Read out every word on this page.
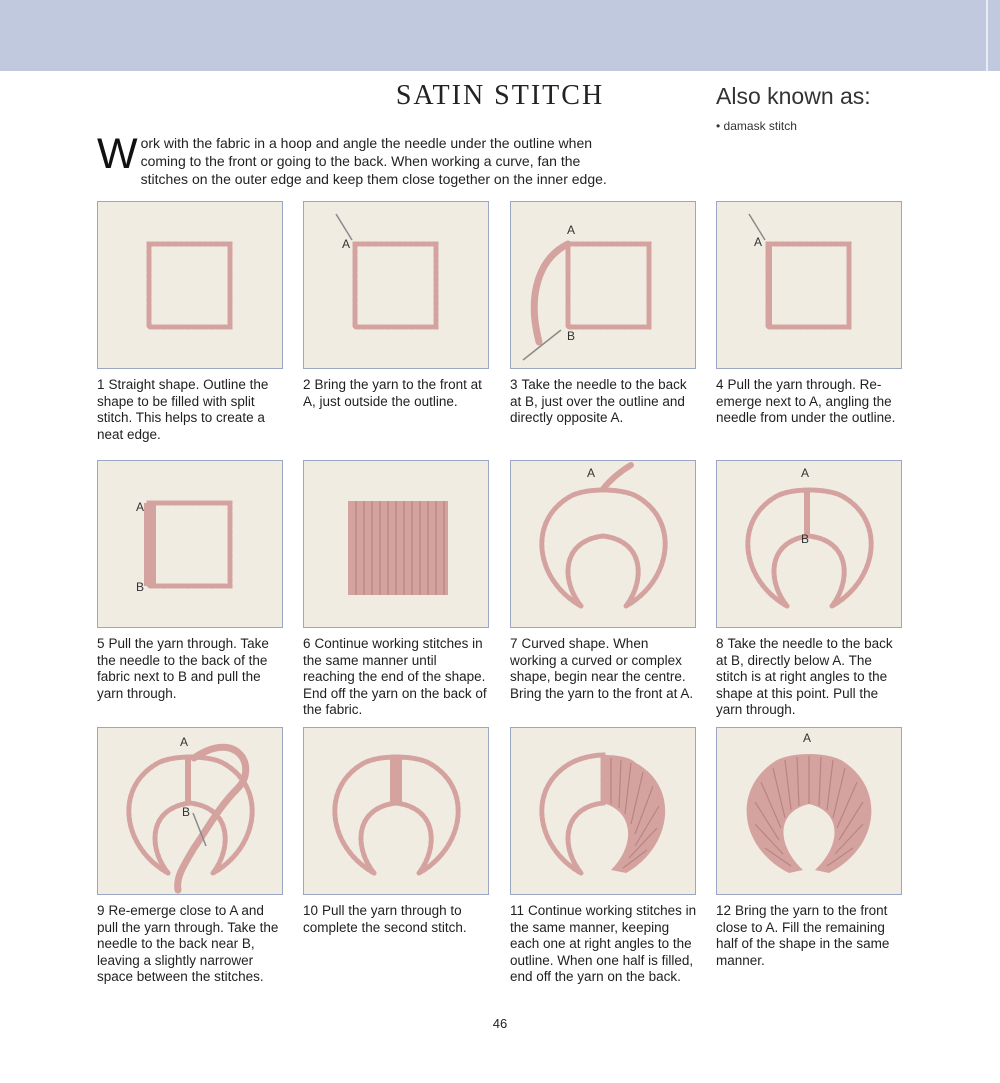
SATIN STITCH	Also known as:
• damask stitch
Work with the fabric in a hoop and angle the needle under the outline when coming to the front or going to the back. When working a curve, fan the stitches on the outer edge and keep them close together on the inner edge.
1 Straight shape. Outline the shape to be filled with split stitch. This helps to create a neat edge.
A
2 Bring the yarn to the front at A, just outside the outline.
A
B
3 Take the needle to the back at B, just over the outline and directly opposite A.
A
4 Pull the yarn through. Re-emerge next to A, angling the needle from under the outline.
A
B
5 Pull the yarn through. Take the needle to the back of the fabric next to B and pull the yarn through.
6 Continue working stitches in the same manner until reaching the end of the shape. End off the yarn on the back of the fabric.
A
7 Curved shape. When working a curved or complex shape, begin near the centre. Bring the yarn to the front at A.
A
B
8 Take the needle to the back at B, directly below A. The stitch is at right angles to the shape at this point. Pull the yarn through.
A
B
9 Re-emerge close to A and pull the yarn through. Take the needle to the back near B, leaving a slightly narrower space between the stitches.
10 Pull the yarn through to complete the second stitch.
11 Continue working stitches in the same manner, keeping each one at right angles to the outline. When one half is filled, end off the yarn on the back.
A
12 Bring the yarn to the front close to A. Fill the remaining half of the shape in the same manner.
46
